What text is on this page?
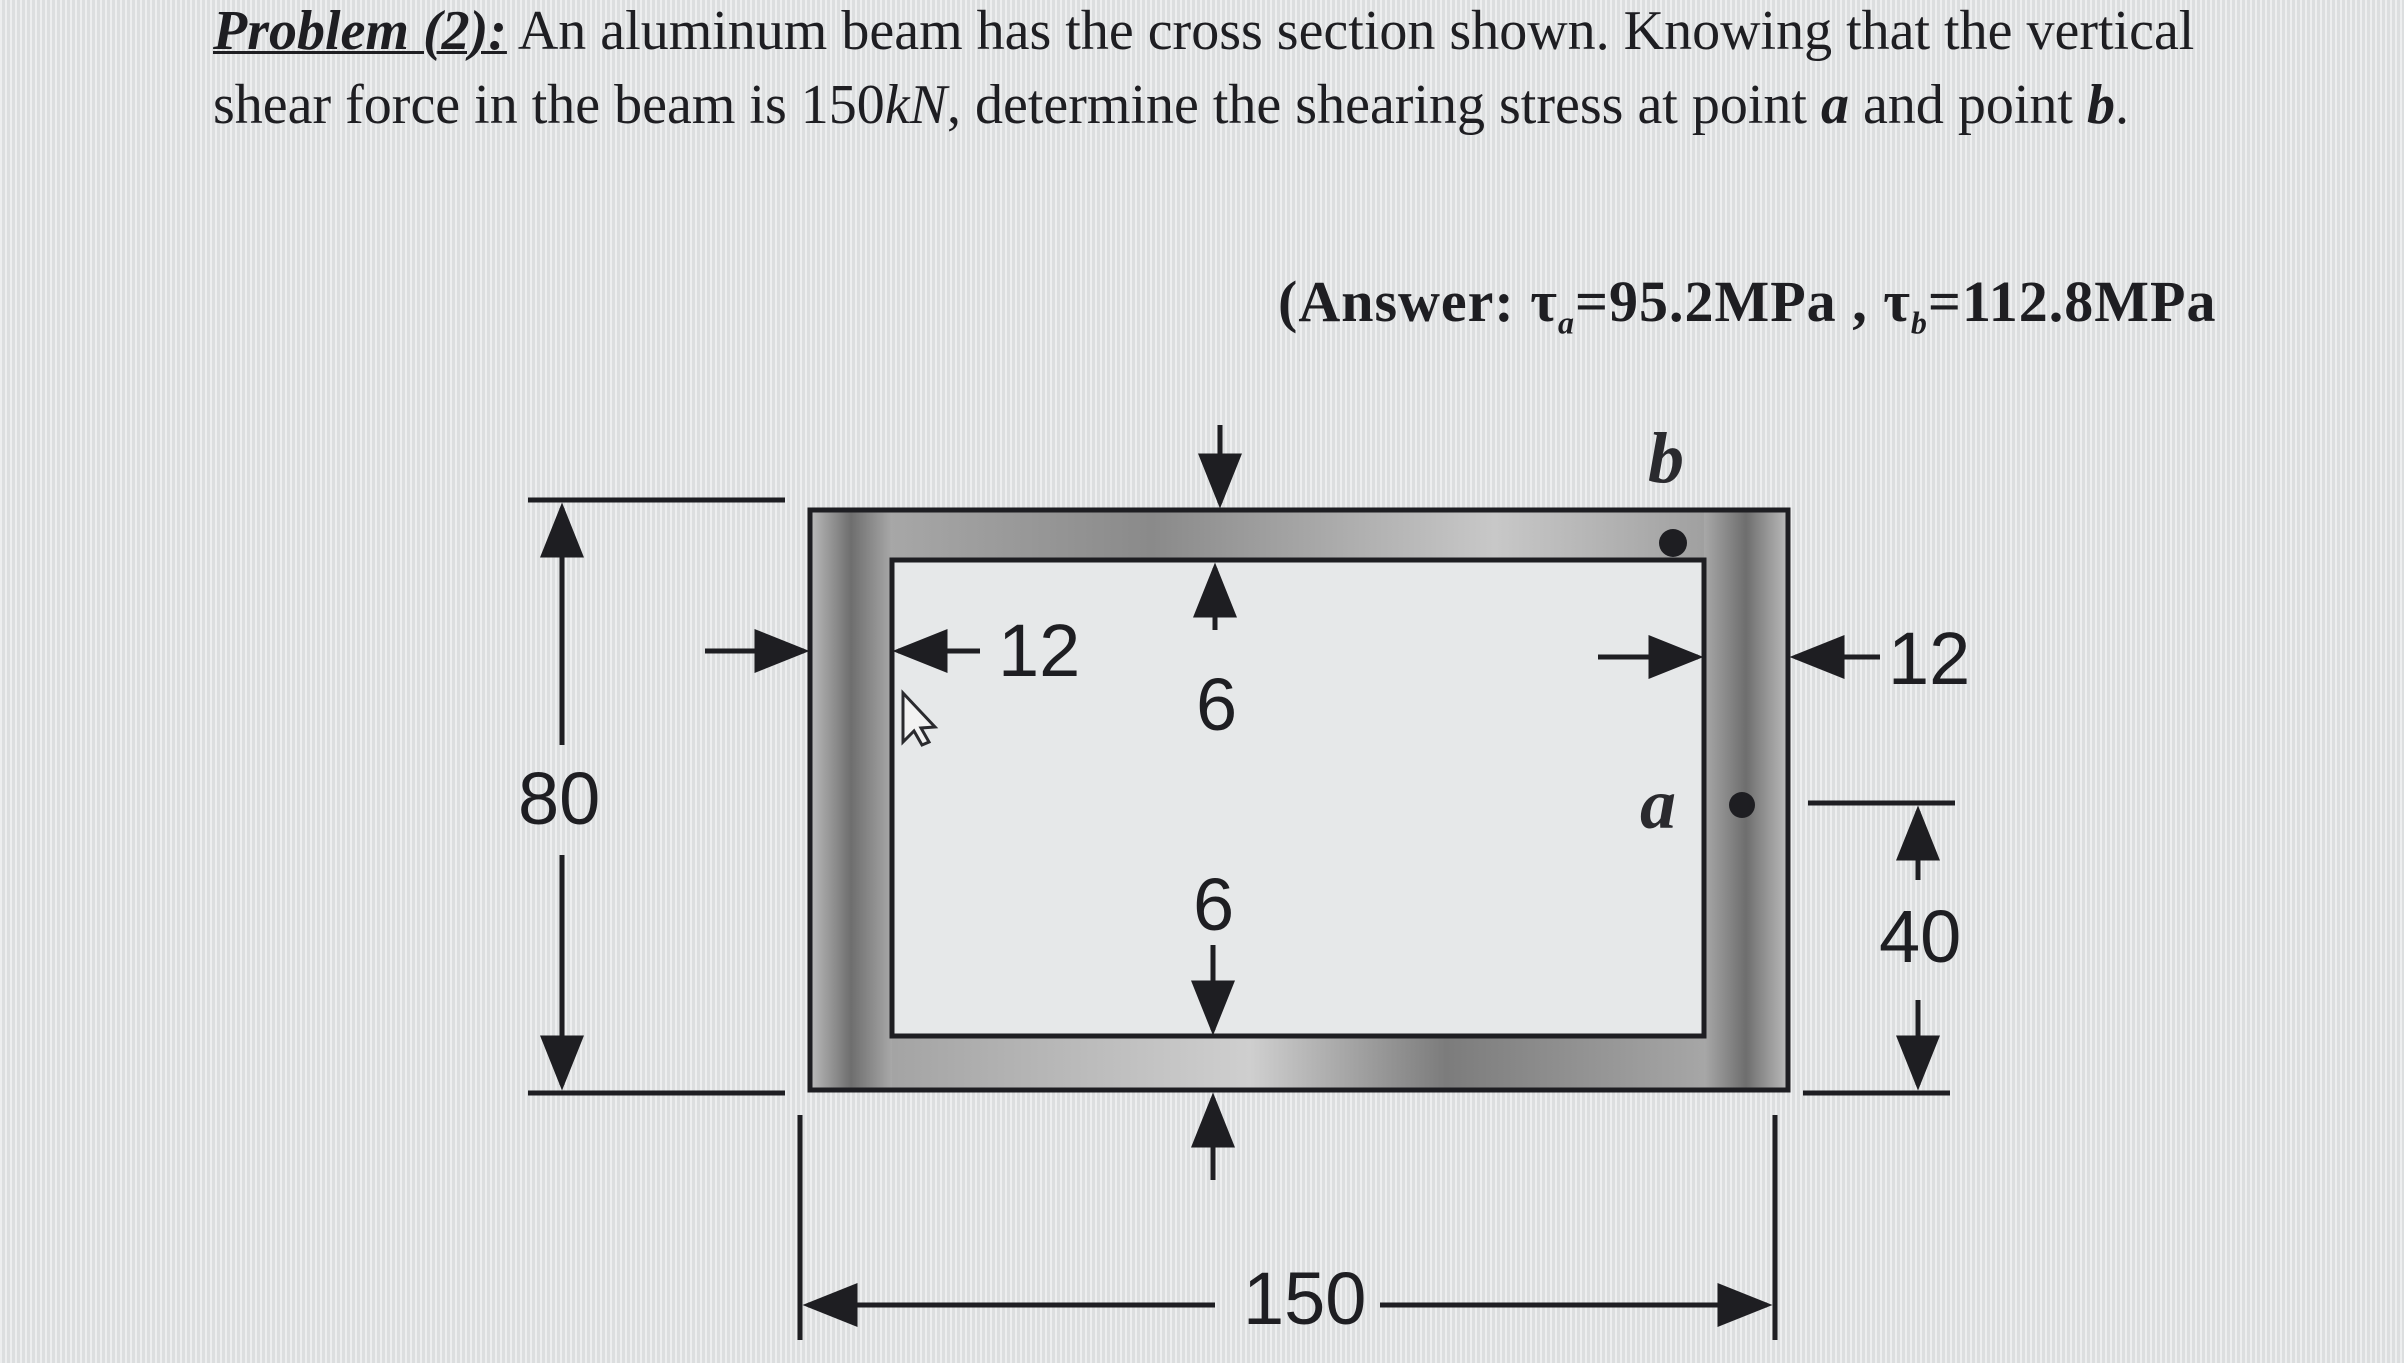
Problem (2): An aluminum beam has the cross section shown. Knowing that the vertical shear force in the beam is 150kN, determine the shearing stress at point a and point b.
(Answer: $\tau_a=95.2MPa$ , $\tau_b=112.8MPa$
80
150
12	12
6
6	40
a
b
